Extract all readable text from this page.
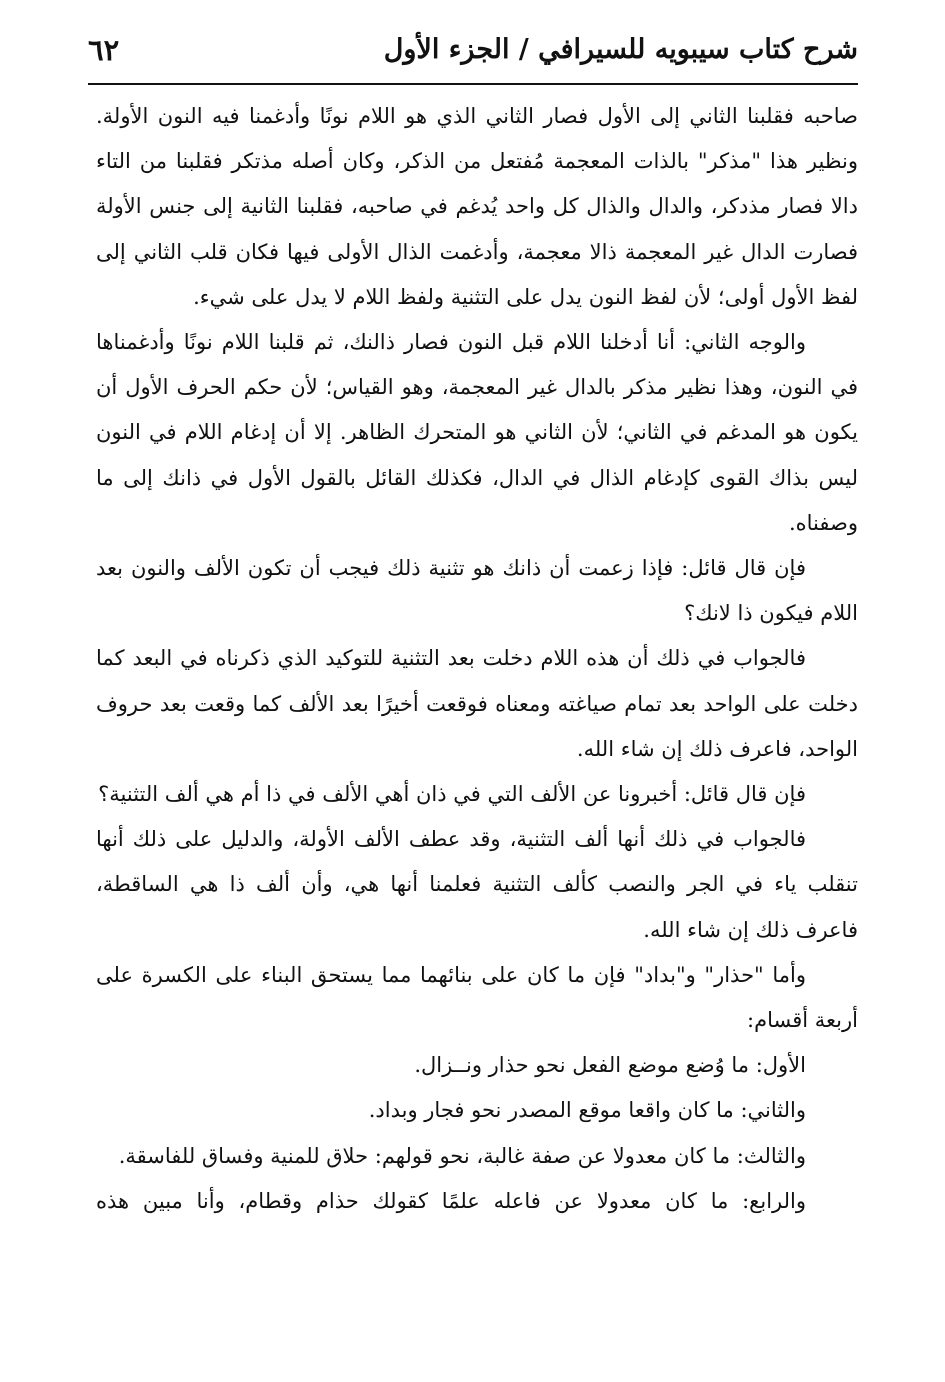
شرح كتاب سيبويه للسيرافي / الجزء الأول
٦٢

صاحبه فقلبنا الثاني إلى الأول فصار الثاني الذي هو اللام نونًا وأدغمنا فيه النون الأولة. ونظير هذا "مذكر" بالذات المعجمة مُفتعل من الذكر، وكان أصله مذتكر فقلبنا من التاء دالا فصار مذدكر، والدال والذال كل واحد يُدغم في صاحبه، فقلبنا الثانية إلى جنس الأولة فصارت الدال غير المعجمة ذالا معجمة، وأدغمت الذال الأولى فيها فكان قلب الثاني إلى لفظ الأول أولى؛ لأن لفظ النون يدل على التثنية ولفظ اللام لا يدل على شيء.

والوجه الثاني: أنا أدخلنا اللام قبل النون فصار ذالنك، ثم قلبنا اللام نونًا وأدغمناها في النون، وهذا نظير مذكر بالدال غير المعجمة، وهو القياس؛ لأن حكم الحرف الأول أن يكون هو المدغم في الثاني؛ لأن الثاني هو المتحرك الظاهر. إلا أن إدغام اللام في النون ليس بذاك القوى كإدغام الذال في الدال، فكذلك القائل بالقول الأول في ذانك إلى ما وصفناه.

فإن قال قائل: فإذا زعمت أن ذانك هو تثنية ذلك فيجب أن تكون الألف والنون بعد اللام فيكون ذا لانك؟

فالجواب في ذلك أن هذه اللام دخلت بعد التثنية للتوكيد الذي ذكرناه في البعد كما دخلت على الواحد بعد تمام صياغته ومعناه فوقعت أخيرًا بعد الألف كما وقعت بعد حروف الواحد، فاعرف ذلك إن شاء الله.

فإن قال قائل: أخبرونا عن الألف التي في ذان أهي الألف في ذا أم هي ألف التثنية؟

فالجواب في ذلك أنها ألف التثنية، وقد عطف الألف الأولة، والدليل على ذلك أنها تنقلب ياء في الجر والنصب كألف التثنية فعلمنا أنها هي، وأن ألف ذا هي الساقطة، فاعرف ذلك إن شاء الله.

وأما "حذار" و"بداد" فإن ما كان على بنائهما مما يستحق البناء على الكسرة على أربعة أقسام:

الأول: ما وُضع موضع الفعل نحو حذار ونــزال.

والثاني: ما كان واقعا موقع المصدر نحو فجار وبداد.

والثالث: ما كان معدولا عن صفة غالبة، نحو قولهم: حلاق للمنية وفساق للفاسقة.

والرابع: ما كان معدولا عن فاعله علمًا كقولك حذام وقطام، وأنا مبين هذه
